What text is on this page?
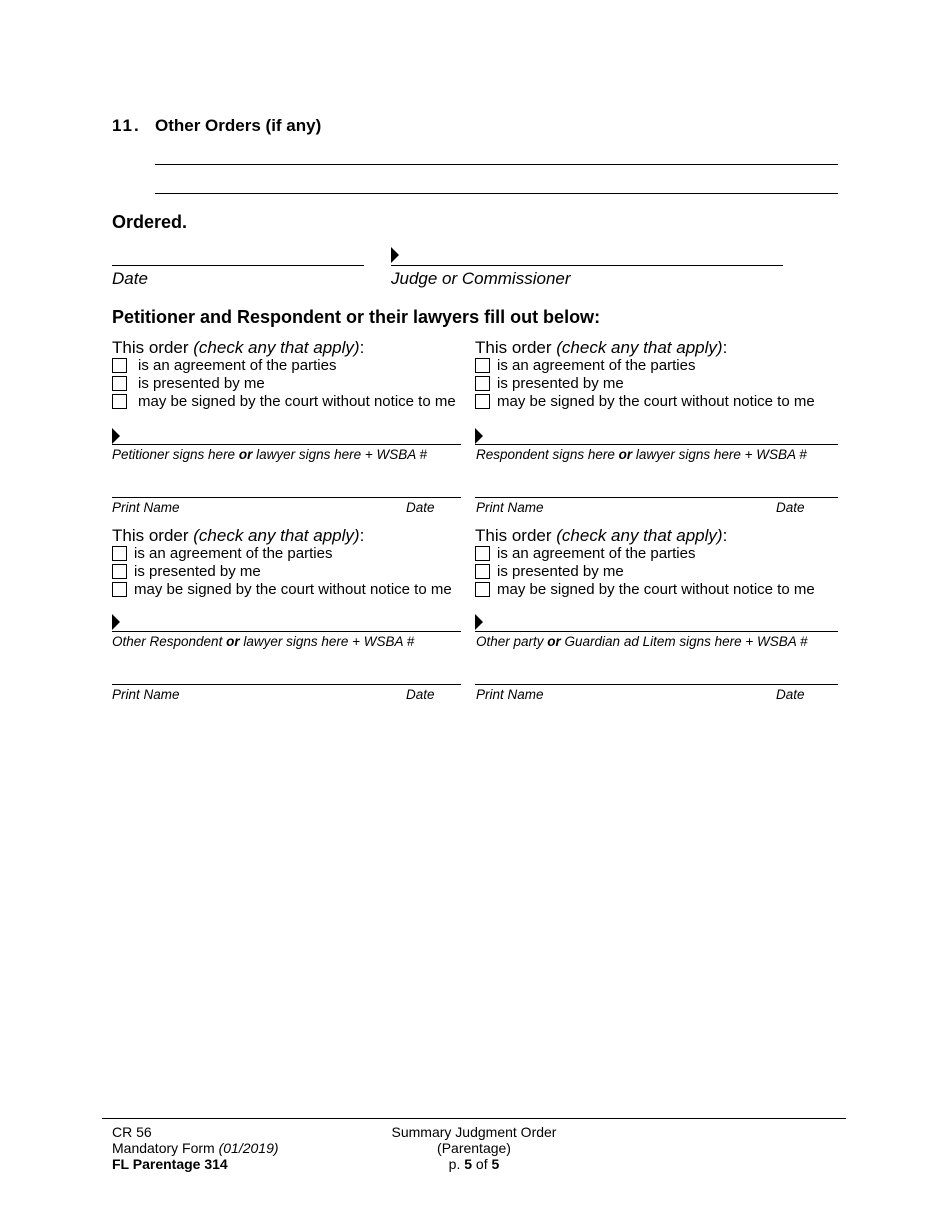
11. Other Orders (if any)
Ordered.
Date	Judge or Commissioner
Petitioner and Respondent or their lawyers fill out below:
This order (check any that apply):
is an agreement of the parties
is presented by me
may be signed by the court without notice to me
Petitioner signs here or lawyer signs here + WSBA #
Print Name	Date
This order (check any that apply):
is an agreement of the parties
is presented by me
may be signed by the court without notice to me
Respondent signs here or lawyer signs here + WSBA #
Print Name	Date
This order (check any that apply):
is an agreement of the parties
is presented by me
may be signed by the court without notice to me
Other Respondent or lawyer signs here + WSBA #
Print Name	Date
This order (check any that apply):
is an agreement of the parties
is presented by me
may be signed by the court without notice to me
Other party or Guardian ad Litem signs here + WSBA #
Print Name	Date
CR 56
Mandatory Form (01/2019)
FL Parentage 314
Summary Judgment Order
(Parentage)
p. 5 of 5
